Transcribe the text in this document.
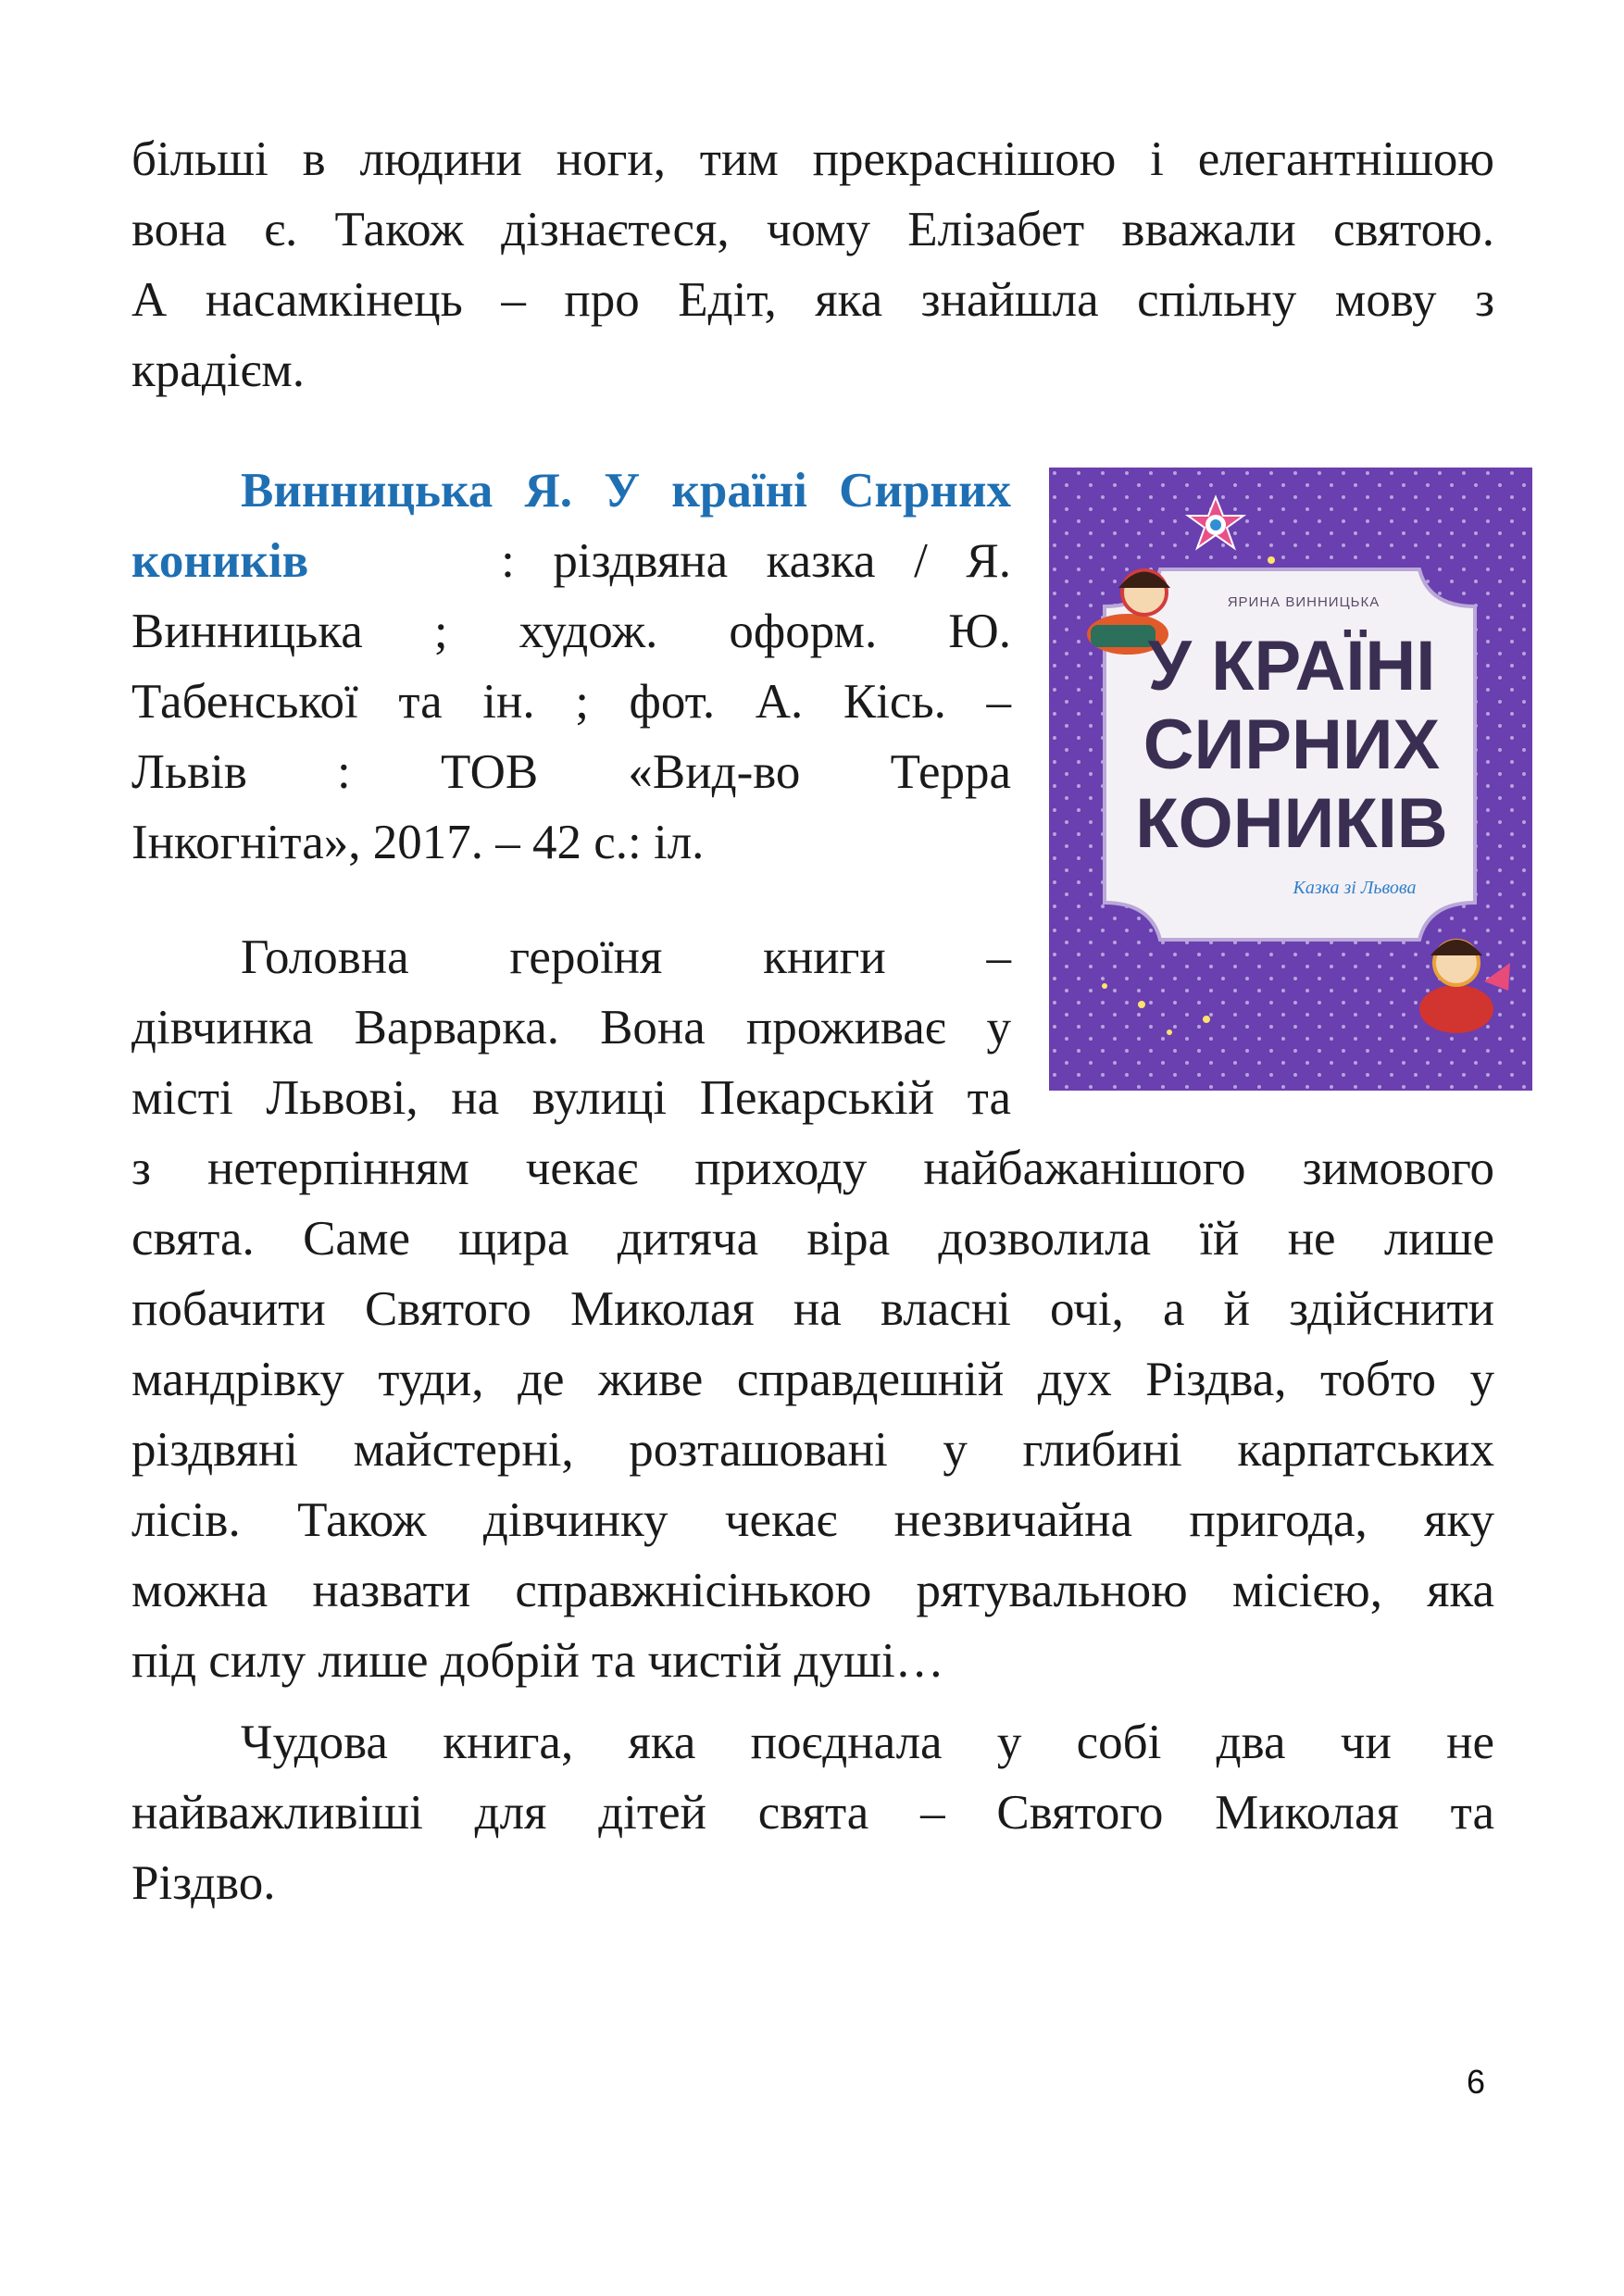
більші в людини ноги, тим прекраснішою і елегантнішою
вона є. Також дізнаєтеся, чому Елізабет вважали святою.
А насамкінець – про Едіт, яка знайшла спільну мову з
крадієм.
Винницька Я. У країні Сирних
коників	: різдвяна казка / Я.
Винницька ; худож. оформ. Ю.
Табенської та ін. ; фот. А. Кісь. –
Львів : ТОВ «Вид-во Терра
Інкогніта», 2017. – 42 с.: іл.
ЯРИНА ВИННИЦЬКА
У КРАЇНІ
СИРНИХ
КОНИКІВ
Казка зі Львова
Головна героїня книги –
дівчинка Варварка. Вона проживає у
місті Львові, на вулиці Пекарській та
з нетерпінням чекає приходу найбажанішого зимового
свята. Саме щира дитяча віра дозволила їй не лише
побачити Святого Миколая на власні очі, а й здійснити
мандрівку туди, де живе справдешній дух Різдва, тобто у
різдвяні майстерні, розташовані у глибині карпатських
лісів. Також дівчинку чекає незвичайна пригода, яку
можна назвати справжнісінькою рятувальною місією, яка
під силу лише добрій та чистій душі…
Чудова книга, яка поєднала у собі два чи не
найважливіші для дітей свята – Святого Миколая та
Різдво.
6
